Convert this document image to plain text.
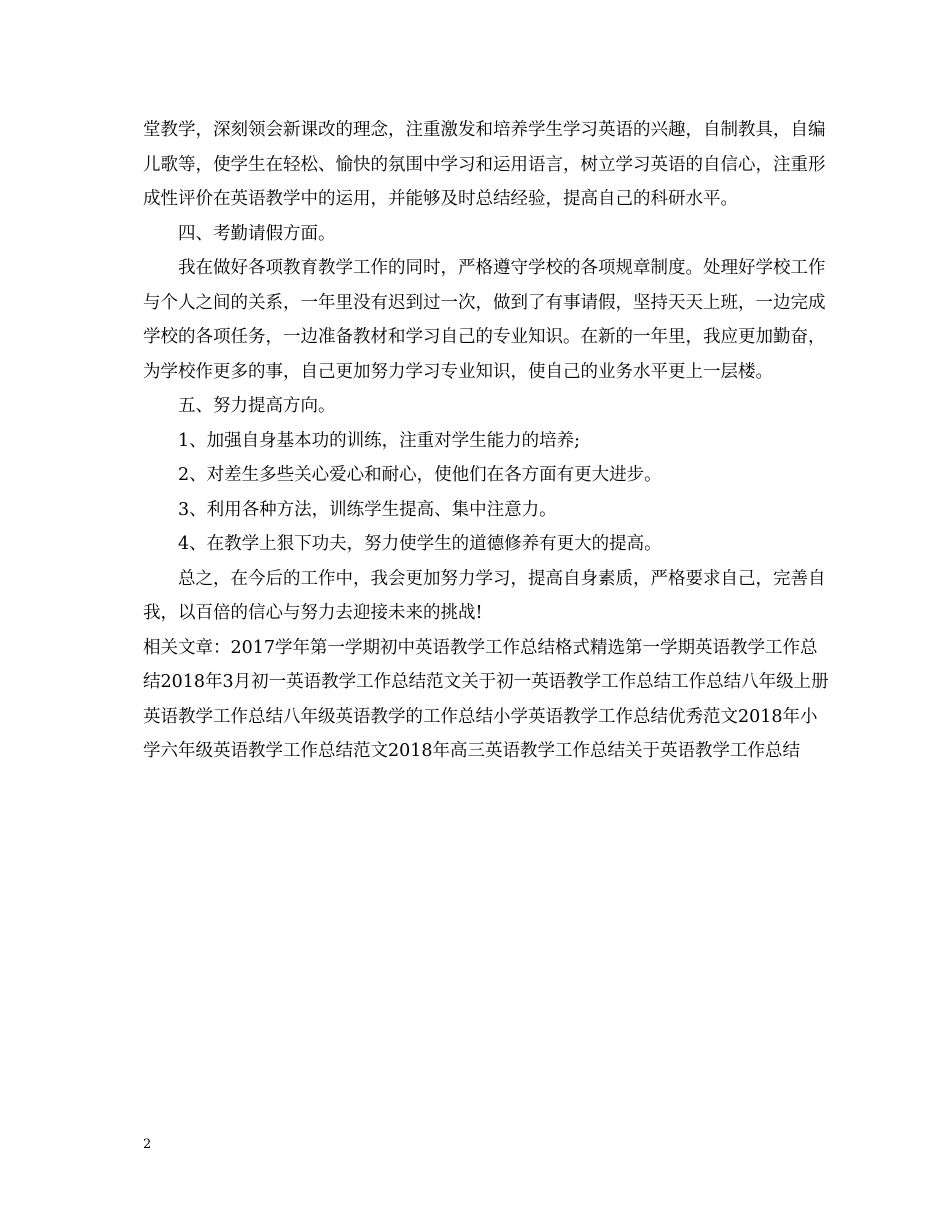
堂教学，深刻领会新课改的理念，注重激发和培养学生学习英语的兴趣，自制教具，自编儿歌等，使学生在轻松、愉快的氛围中学习和运用语言，树立学习英语的自信心，注重形成性评价在英语教学中的运用，并能够及时总结经验，提高自己的科研水平。

四、考勤请假方面。

我在做好各项教育教学工作的同时，严格遵守学校的各项规章制度。处理好学校工作与个人之间的关系，一年里没有迟到过一次，做到了有事请假，坚持天天上班，一边完成学校的各项任务，一边准备教材和学习自己的专业知识。在新的一年里，我应更加勤奋，为学校作更多的事，自己更加努力学习专业知识，使自己的业务水平更上一层楼。

五、努力提高方向。

1、加强自身基本功的训练，注重对学生能力的培养;

2、对差生多些关心爱心和耐心，使他们在各方面有更大进步。

3、利用各种方法，训练学生提高、集中注意力。

4、在教学上狠下功夫，努力使学生的道德修养有更大的提高。

总之，在今后的工作中，我会更加努力学习，提高自身素质，严格要求自己，完善自我，以百倍的信心与努力去迎接未来的挑战!

相关文章：2017学年第一学期初中英语教学工作总结格式精选第一学期英语教学工作总结2018年3月初一英语教学工作总结范文关于初一英语教学工作总结工作总结八年级上册英语教学工作总结八年级英语教学的工作总结小学英语教学工作总结优秀范文2018年小学六年级英语教学工作总结范文2018年高三英语教学工作总结关于英语教学工作总结

2
